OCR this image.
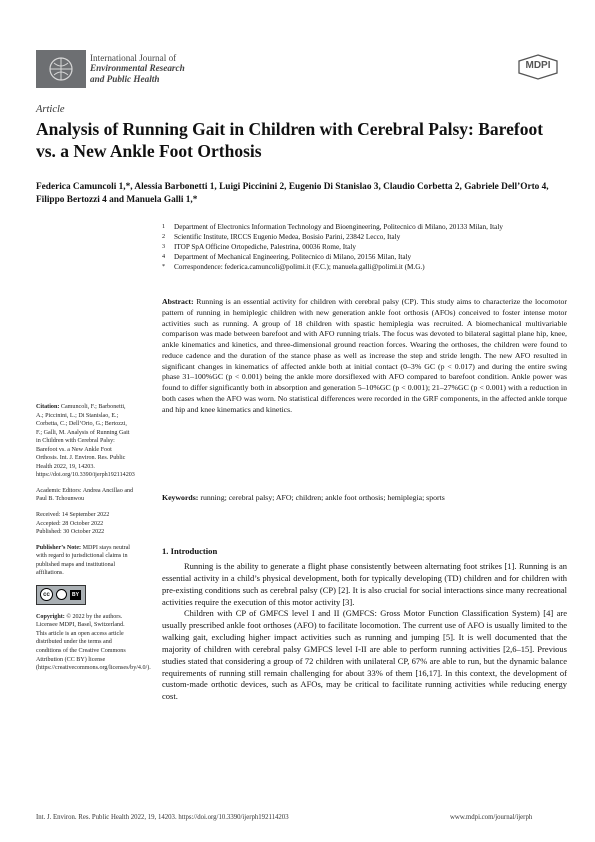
International Journal of
Environmental Research
and Public Health
MDPI
Article
Analysis of Running Gait in Children with Cerebral Palsy: Barefoot vs. a New Ankle Foot Orthosis
Federica Camuncoli 1,*, Alessia Barbonetti 1, Luigi Piccinini 2, Eugenio Di Stanislao 3, Claudio Corbetta 2, Gabriele Dell’Orto 4, Filippo Bertozzi 4 and Manuela Galli 1,*
1 Department of Electronics Information Technology and Bioengineering, Politecnico di Milano, 20133 Milan, Italy
2 Scientific Institute, IRCCS Eugenio Medea, Bosisio Parini, 23842 Lecco, Italy
3 ITOP SpA Officine Ortopediche, Palestrina, 00036 Rome, Italy
4 Department of Mechanical Engineering, Politecnico di Milano, 20156 Milan, Italy
* Correspondence: federica.camuncoli@polimi.it (F.C.); manuela.galli@polimi.it (M.G.)
Abstract: Running is an essential activity for children with cerebral palsy (CP). This study aims to characterize the locomotor pattern of running in hemiplegic children with new generation ankle foot orthosis (AFOs) conceived to foster intense motor activities such as running. A group of 18 children with spastic hemiplegia was recruited. A biomechanical multivariable comparison was made between barefoot and with AFO running trials. The focus was devoted to bilateral sagittal plane hip, knee, ankle kinematics and kinetics, and three-dimensional ground reaction forces. Wearing the orthoses, the children were found to reduce cadence and the duration of the stance phase as well as increase the step and stride length. The new AFO resulted in significant changes in kinematics of affected ankle both at initial contact (0–3% GC (p < 0.017) and during the entire swing phase 31–100%GC (p < 0.001) being the ankle more dorsiflexed with AFO compared to barefoot condition. Ankle power was found to differ significantly both in absorption and generation 5–10%GC (p < 0.001); 21–27%GC (p < 0.001) with a reduction in both cases when the AFO was worn. No statistical differences were recorded in the GRF components, in the affected ankle torque and hip and knee kinematics and kinetics.
Keywords: running; cerebral palsy; AFO; children; ankle foot orthosis; hemiplegia; sports
Citation: Camuncoli, F.; Barbonetti, A.; Piccinini, L.; Di Stanislao, E.; Corbetta, C.; Dell’Orto, G.; Bertozzi, F.; Galli, M. Analysis of Running Gait in Children with Cerebral Palsy: Barefoot vs. a New Ankle Foot Orthosis. Int. J. Environ. Res. Public Health 2022, 19, 14203. https://doi.org/10.3390/ijerph192114203
Academic Editors: Andrea Ancillao and Paul B. Tchounwou

Received: 14 September 2022

Accepted: 28 October 2022

Published: 30 October 2022

Publisher’s Note: MDPI stays neutral with regard to jurisdictional claims in published maps and institutional affiliations.
cc	BY
Copyright: © 2022 by the authors. Licensee MDPI, Basel, Switzerland. This article is an open access article distributed under the terms and conditions of the Creative Commons Attribution (CC BY) license (https://creativecommons.org/licenses/by/4.0/).
1. Introduction

Running is the ability to generate a flight phase consistently between alternating foot strikes [1]. Running is an essential activity in a child’s physical development, both for typically developing (TD) children and for children with pre-existing conditions such as cerebral palsy (CP) [2]. It is also crucial for social interactions since many recreational activities require the execution of this motor activity [3].

Children with CP of GMFCS level I and II (GMFCS: Gross Motor Function Classification System) [4] are usually prescribed ankle foot orthoses (AFO) to facilitate locomotion. The current use of AFO is usually limited to the walking gait, excluding higher impact activities such as running and jumping [5]. It is well documented that the majority of children with cerebral palsy GMFCS level I-II are able to perform running activities [2,6–15]. Previous studies stated that considering a group of 72 children with unilateral CP, 67% are able to run, but the dynamic balance requirements of running still remain challenging for about 33% of them [16,17]. In this context, the development of custom-made orthotic devices, such as AFOs, may be critical to facilitate running activities while reducing energy cost.

Int. J. Environ. Res. Public Health 2022, 19, 14203. https://doi.org/10.3390/ijerph192114203	www.mdpi.com/journal/ijerph
